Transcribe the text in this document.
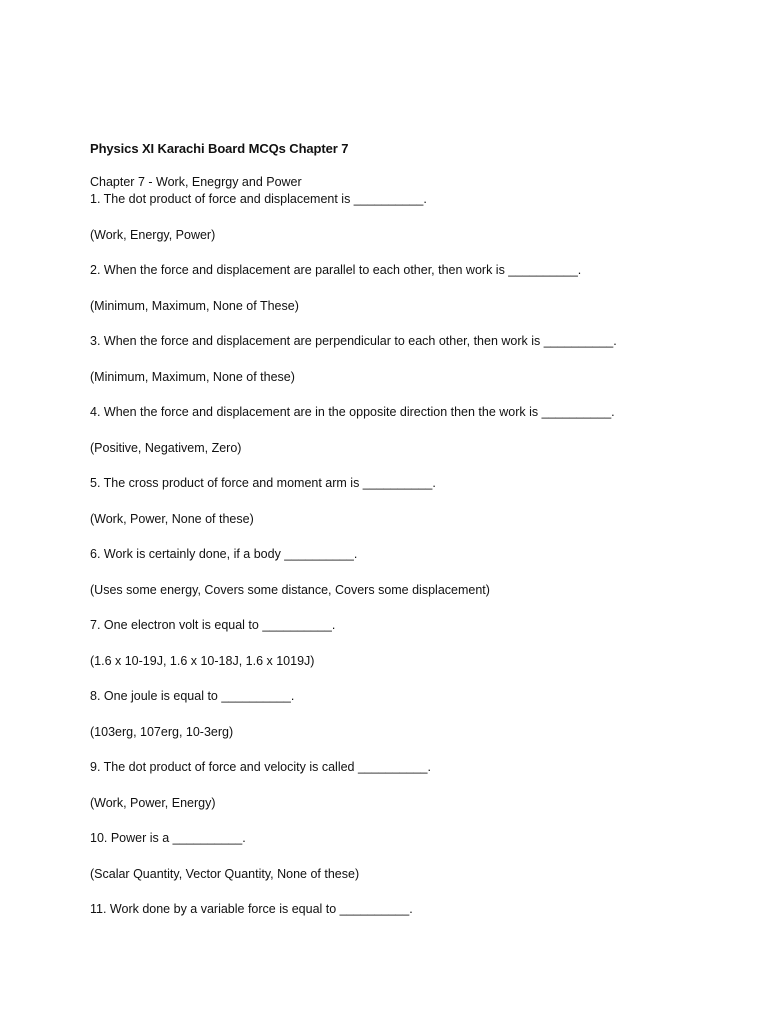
Physics XI Karachi Board MCQs Chapter 7
Chapter 7 - Work, Enegrgy and Power
1. The dot product of force and displacement is __________.
(Work, Energy, Power)
2. When the force and displacement are parallel to each other, then work is __________.
(Minimum, Maximum, None of These)
3. When the force and displacement are perpendicular to each other, then work is __________.
(Minimum, Maximum, None of these)
4. When the force and displacement are in the opposite direction then the work is __________.
(Positive, Negativem, Zero)
5. The cross product of force and moment arm is __________.
(Work, Power, None of these)
6. Work is certainly done, if a body __________.
(Uses some energy, Covers some distance, Covers some displacement)
7. One electron volt is equal to __________.
(1.6 x 10-19J, 1.6 x 10-18J, 1.6 x 1019J)
8. One joule is equal to __________.
(103erg, 107erg, 10-3erg)
9. The dot product of force and velocity is called __________.
(Work, Power, Energy)
10. Power is a __________.
(Scalar Quantity, Vector Quantity, None of these)
11. Work done by a variable force is equal to __________.
